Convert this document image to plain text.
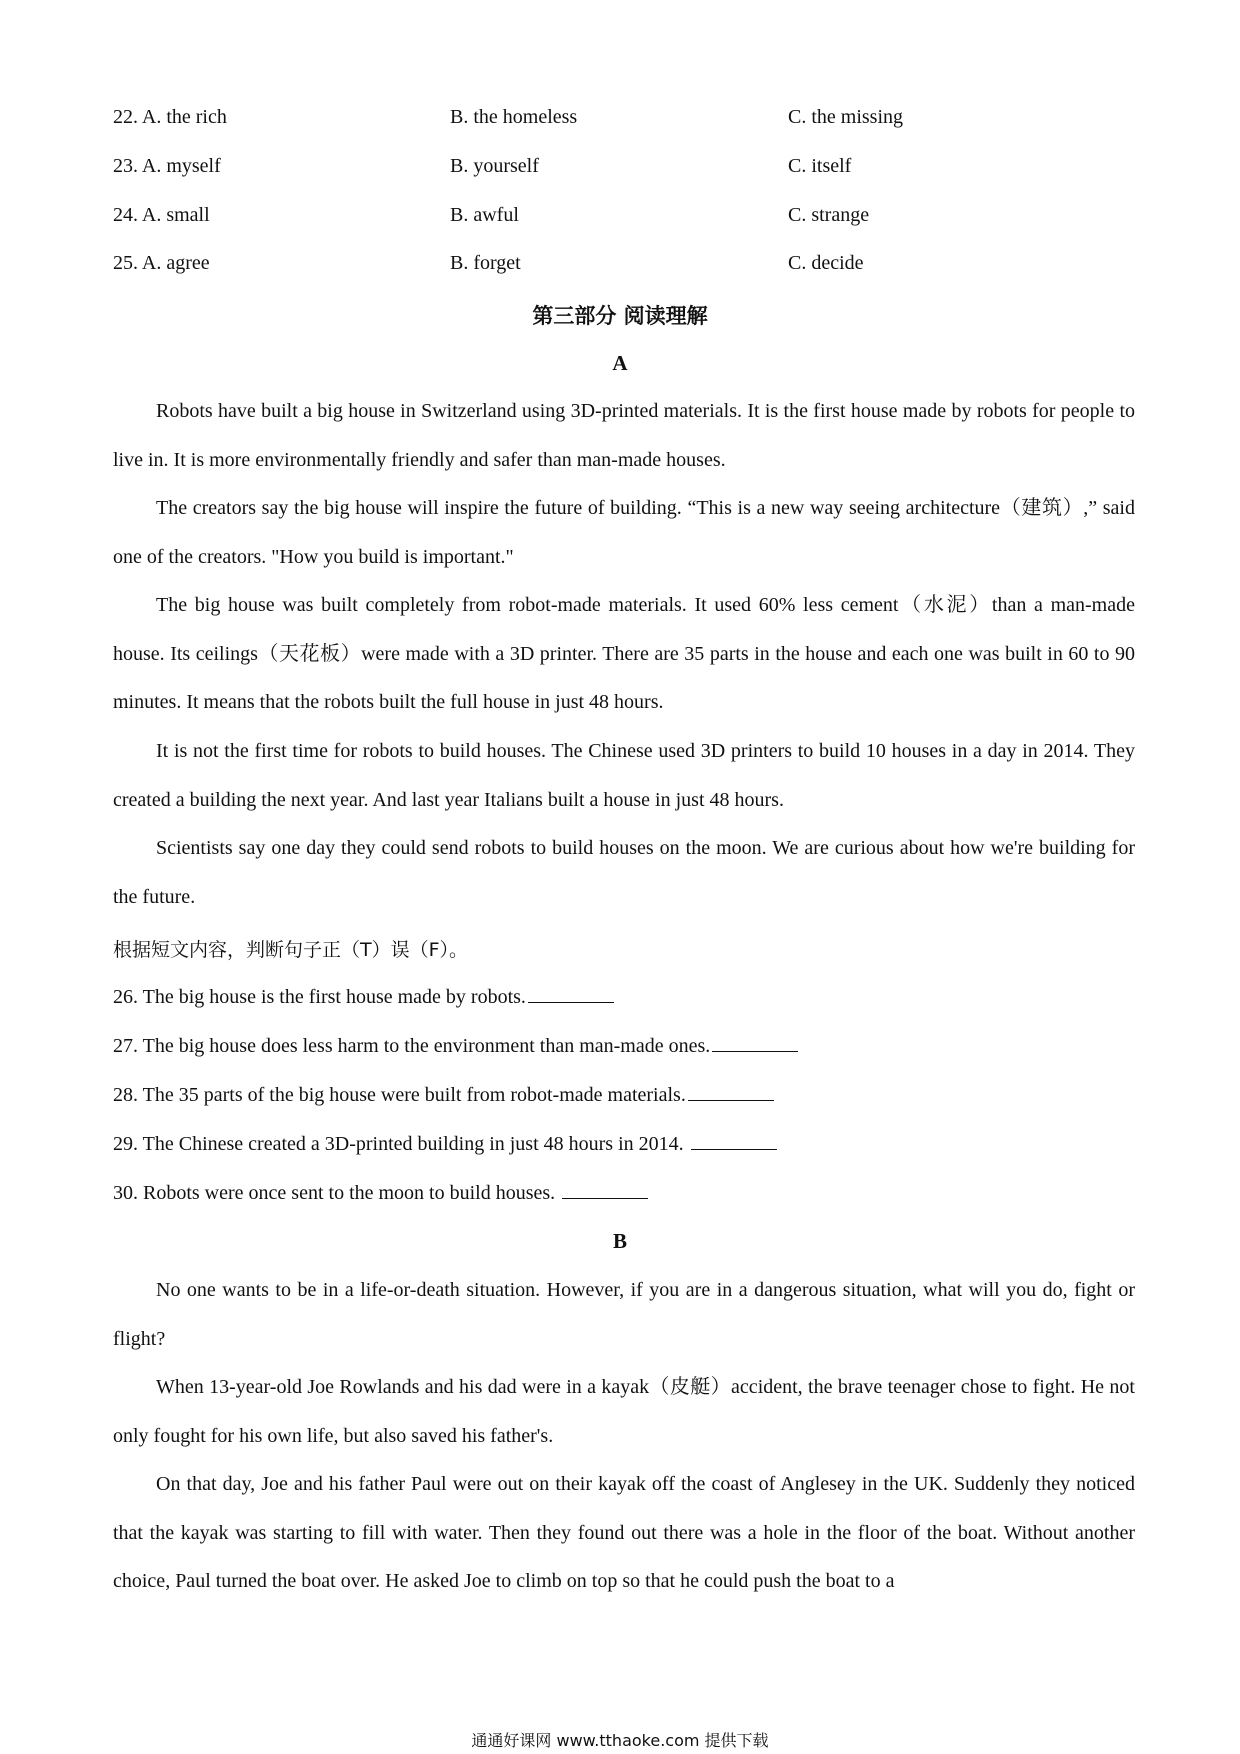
22. A. the rich	B. the homeless	C. the missing
23. A. myself	B. yourself	C. itself
24. A. small	B. awful	C. strange
25. A. agree	B. forget	C. decide
第三部分 阅读理解
A
Robots have built a big house in Switzerland using 3D-printed materials. It is the first house made by robots for people to live in. It is more environmentally friendly and safer than man-made houses.
The creators say the big house will inspire the future of building. “This is a new way seeing architecture（建筑）,” said one of the creators. "How you build is important."
The big house was built completely from robot-made materials. It used 60% less cement（水泥）than a man-made house. Its ceilings（天花板）were made with a 3D printer. There are 35 parts in the house and each one was built in 60 to 90 minutes. It means that the robots built the full house in just 48 hours.
It is not the first time for robots to build houses. The Chinese used 3D printers to build 10 houses in a day in 2014. They created a building the next year. And last year Italians built a house in just 48 hours.
Scientists say one day they could send robots to build houses on the moon. We are curious about how we're building for the future.
根据短文内容，判断句子正（T）误（F）。
26. The big house is the first house made by robots.
27. The big house does less harm to the environment than man-made ones.
28. The 35 parts of the big house were built from robot-made materials.
29. The Chinese created a 3D-printed building in just 48 hours in 2014.
30. Robots were once sent to the moon to build houses.
B
No one wants to be in a life-or-death situation. However, if you are in a dangerous situation, what will you do, fight or flight?
When 13-year-old Joe Rowlands and his dad were in a kayak（皮艇）accident, the brave teenager chose to fight. He not only fought for his own life, but also saved his father's.
On that day, Joe and his father Paul were out on their kayak off the coast of Anglesey in the UK. Suddenly they noticed that the kayak was starting to fill with water. Then they found out there was a hole in the floor of the boat. Without another choice, Paul turned the boat over. He asked Joe to climb on top so that he could push the boat to a
通通好课网 www.tthaoke.com 提供下载
